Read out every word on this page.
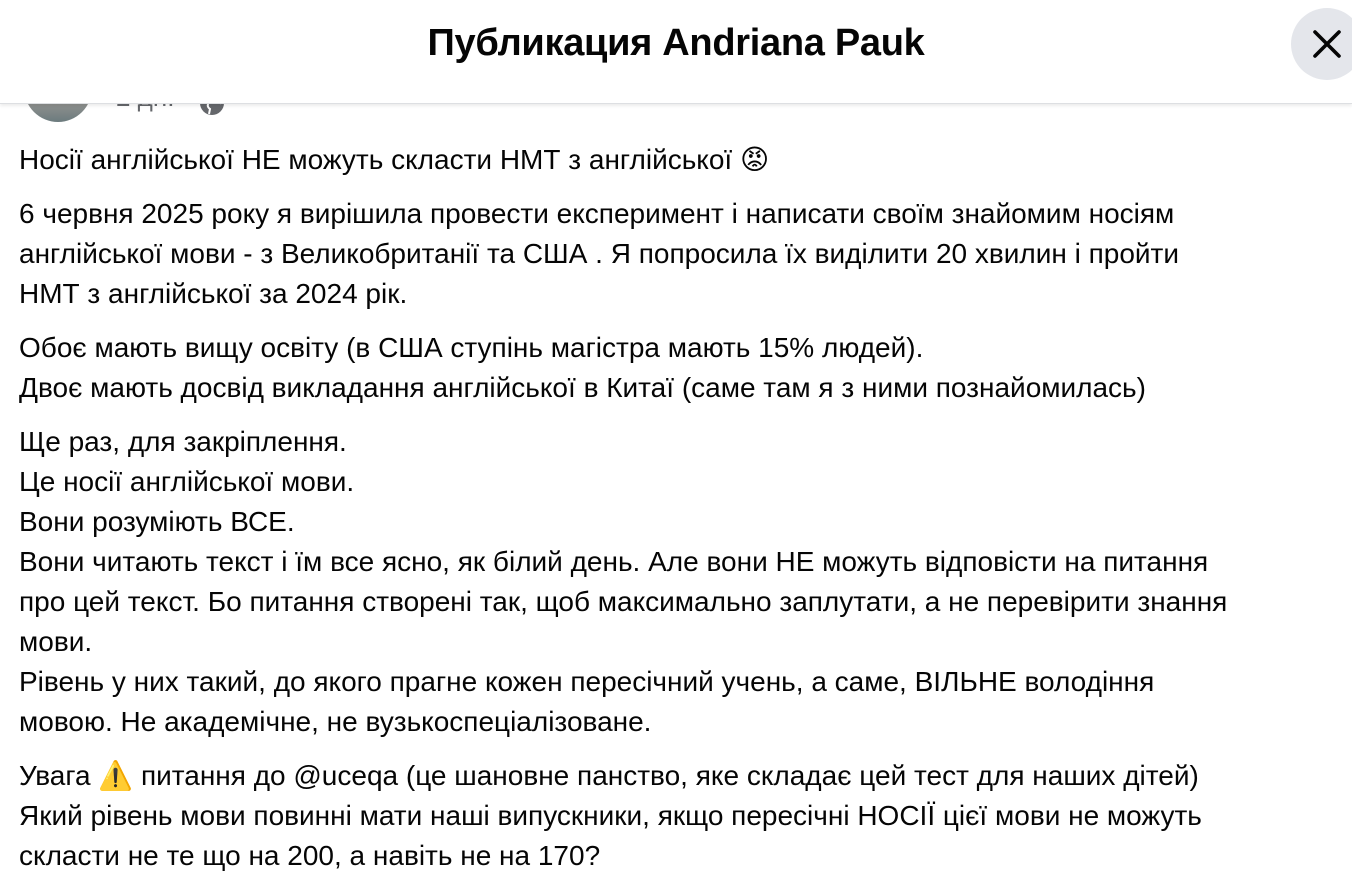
Публикация Andriana Pauk
Носії англійської НЕ можуть скласти НМТ з англійської 😡
6 червня 2025 року я вирішила провести експеримент і написати своїм знайомим носіям
англійської мови - з Великобританії та США . Я попросила їх виділити 20 хвилин і пройти
НМТ з англійської за 2024 рік.
Обоє мають вищу освіту (в США ступінь магістра мають 15% людей).
Двоє мають досвід викладання англійської в Китаї (саме там я з ними познайомилась)
Ще раз, для закріплення.
Це носії англійської мови.
Вони розуміють ВСЕ.
Вони читають текст і їм все ясно, як білий день. Але вони НЕ можуть відповісти на питання
про цей текст. Бо питання створені так, щоб максимально заплутати, а не перевірити знання
мови.
Рівень у них такий, до якого прагне кожен пересічний учень, а саме, ВІЛЬНЕ володіння
мовою. Не академічне, не вузькоспеціалізоване.
Увага ⚠️ питання до @uceqa (це шановне панство, яке складає цей тест для наших дітей)
Який рівень мови повинні мати наші випускники, якщо пересічні НОСІЇ цієї мови не можуть
скласти не те що на 200, а навіть не на 170?
